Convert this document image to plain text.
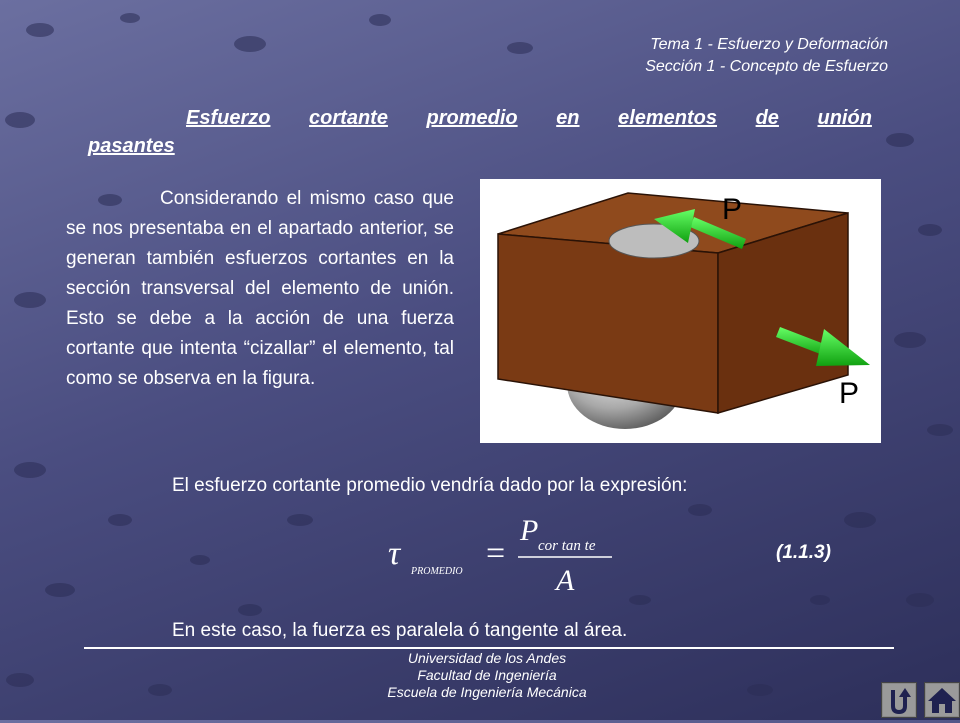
Tema 1 - Esfuerzo y Deformación
Sección 1 - Concepto de Esfuerzo
Esfuerzo cortante promedio en elementos de unión
pasantes
Considerando el mismo caso que se nos presentaba en el apartado anterior, se generan también esfuerzos cortantes en la sección transversal del elemento de unión. Esto se debe a la acción de una fuerza cortante que intenta “cizallar” el elemento, tal como se observa en la figura.
P
P
El esfuerzo cortante promedio vendría dado por la expresión:
τ PROMEDIO =
P cor tan te
A
(1.1.3)
En este caso, la fuerza es paralela ó tangente al área.
Universidad de los Andes
Facultad de Ingeniería
Escuela de Ingeniería Mecánica
